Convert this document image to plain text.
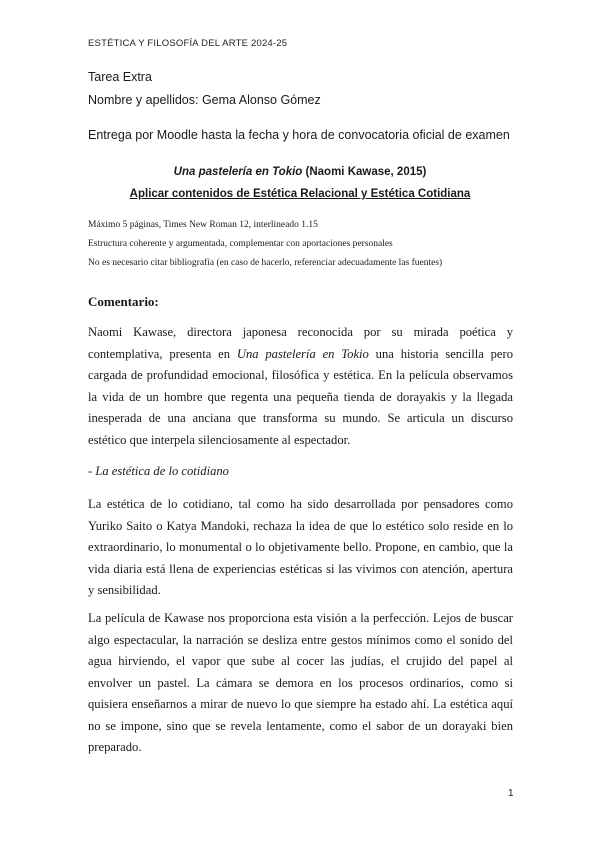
ESTÉTICA Y FILOSOFÍA DEL ARTE 2024-25
Tarea Extra
Nombre y apellidos: Gema Alonso Gómez
Entrega por Moodle hasta la fecha y hora de convocatoria oficial de examen
Una pastelería en Tokio (Naomi Kawase, 2015)
Aplicar contenidos de Estética Relacional y Estética Cotidiana
Máximo 5 páginas, Times New Roman 12, interlineado 1.15
Estructura coherente y argumentada, complementar con aportaciones personales
No es necesario citar bibliografía (en caso de hacerlo, referenciar adecuadamente las fuentes)
Comentario:
Naomi Kawase, directora japonesa reconocida por su mirada poética y contemplativa, presenta en Una pastelería en Tokio una historia sencilla pero cargada de profundidad emocional, filosófica y estética. En la película observamos la vida de un hombre que regenta una pequeña tienda de dorayakis y la llegada inesperada de una anciana que transforma su mundo. Se articula un discurso estético que interpela silenciosamente al espectador.
- La estética de lo cotidiano
La estética de lo cotidiano, tal como ha sido desarrollada por pensadores como Yuriko Saito o Katya Mandoki, rechaza la idea de que lo estético solo reside en lo extraordinario, lo monumental o lo objetivamente bello. Propone, en cambio, que la vida diaria está llena de experiencias estéticas si las vivimos con atención, apertura y sensibilidad.
La película de Kawase nos proporciona esta visión a la perfección. Lejos de buscar algo espectacular, la narración se desliza entre gestos mínimos como el sonido del agua hirviendo, el vapor que sube al cocer las judías, el crujido del papel al envolver un pastel. La cámara se demora en los procesos ordinarios, como si quisiera enseñarnos a mirar de nuevo lo que siempre ha estado ahí. La estética aquí no se impone, sino que se revela lentamente, como el sabor de un dorayaki bien preparado.
1
